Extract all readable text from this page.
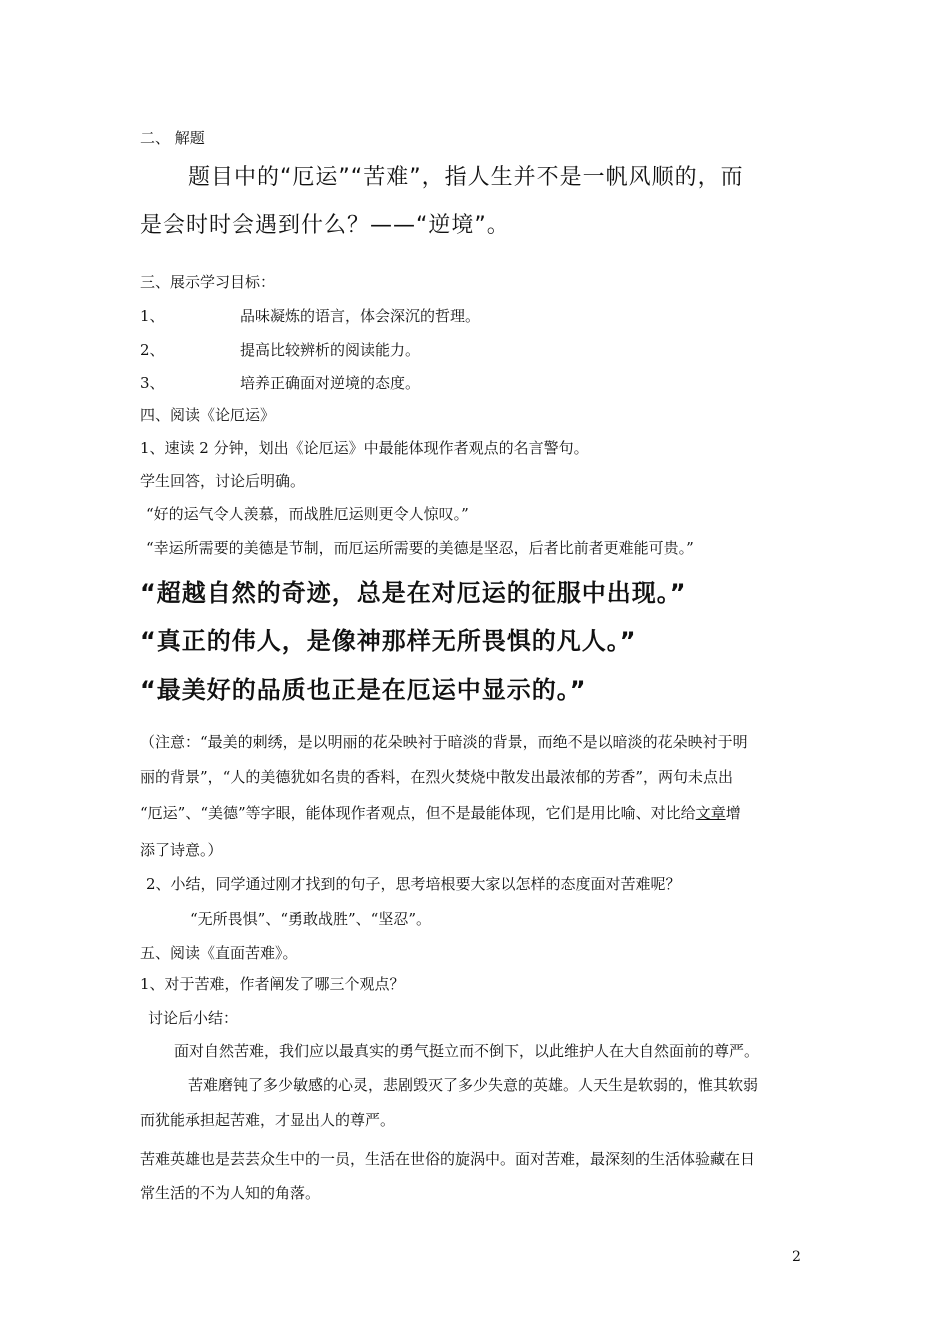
二、 解题
题目中的“厄运”“苦难”，指人生并不是一帆风顺的，而
是会时时会遇到什么？——“逆境”。
三、展示学习目标：
1、	品味凝炼的语言，体会深沉的哲理。
2、	提高比较辨析的阅读能力。
3、	培养正确面对逆境的态度。
四、阅读《论厄运》
1、速读 2 分钟，划出《论厄运》中最能体现作者观点的名言警句。
学生回答，讨论后明确。
“好的运气令人羡慕，而战胜厄运则更令人惊叹。”
“幸运所需要的美德是节制，而厄运所需要的美德是坚忍，后者比前者更难能可贵。”
“超越自然的奇迹，总是在对厄运的征服中出现。”
“真正的伟人，是像神那样无所畏惧的凡人。”
“最美好的品质也正是在厄运中显示的。”
（注意：“最美的刺绣，是以明丽的花朵映衬于暗淡的背景，而绝不是以暗淡的花朵映衬于明
丽的背景”，“人的美德犹如名贵的香料，在烈火焚烧中散发出最浓郁的芳香”，两句未点出
“厄运”、“美德”等字眼，能体现作者观点，但不是最能体现，它们是用比喻、对比给文章增
添了诗意。）
2、小结，同学通过刚才找到的句子，思考培根要大家以怎样的态度面对苦难呢？
“无所畏惧”、“勇敢战胜”、“坚忍”。
五、阅读《直面苦难》。
1、对于苦难，作者阐发了哪三个观点？
讨论后小结：
面对自然苦难，我们应以最真实的勇气挺立而不倒下，以此维护人在大自然面前的尊严。
苦难磨钝了多少敏感的心灵，悲剧毁灭了多少失意的英雄。人天生是软弱的，惟其软弱
而犹能承担起苦难，才显出人的尊严。
苦难英雄也是芸芸众生中的一员，生活在世俗的旋涡中。面对苦难，最深刻的生活体验藏在日
常生活的不为人知的角落。
2
